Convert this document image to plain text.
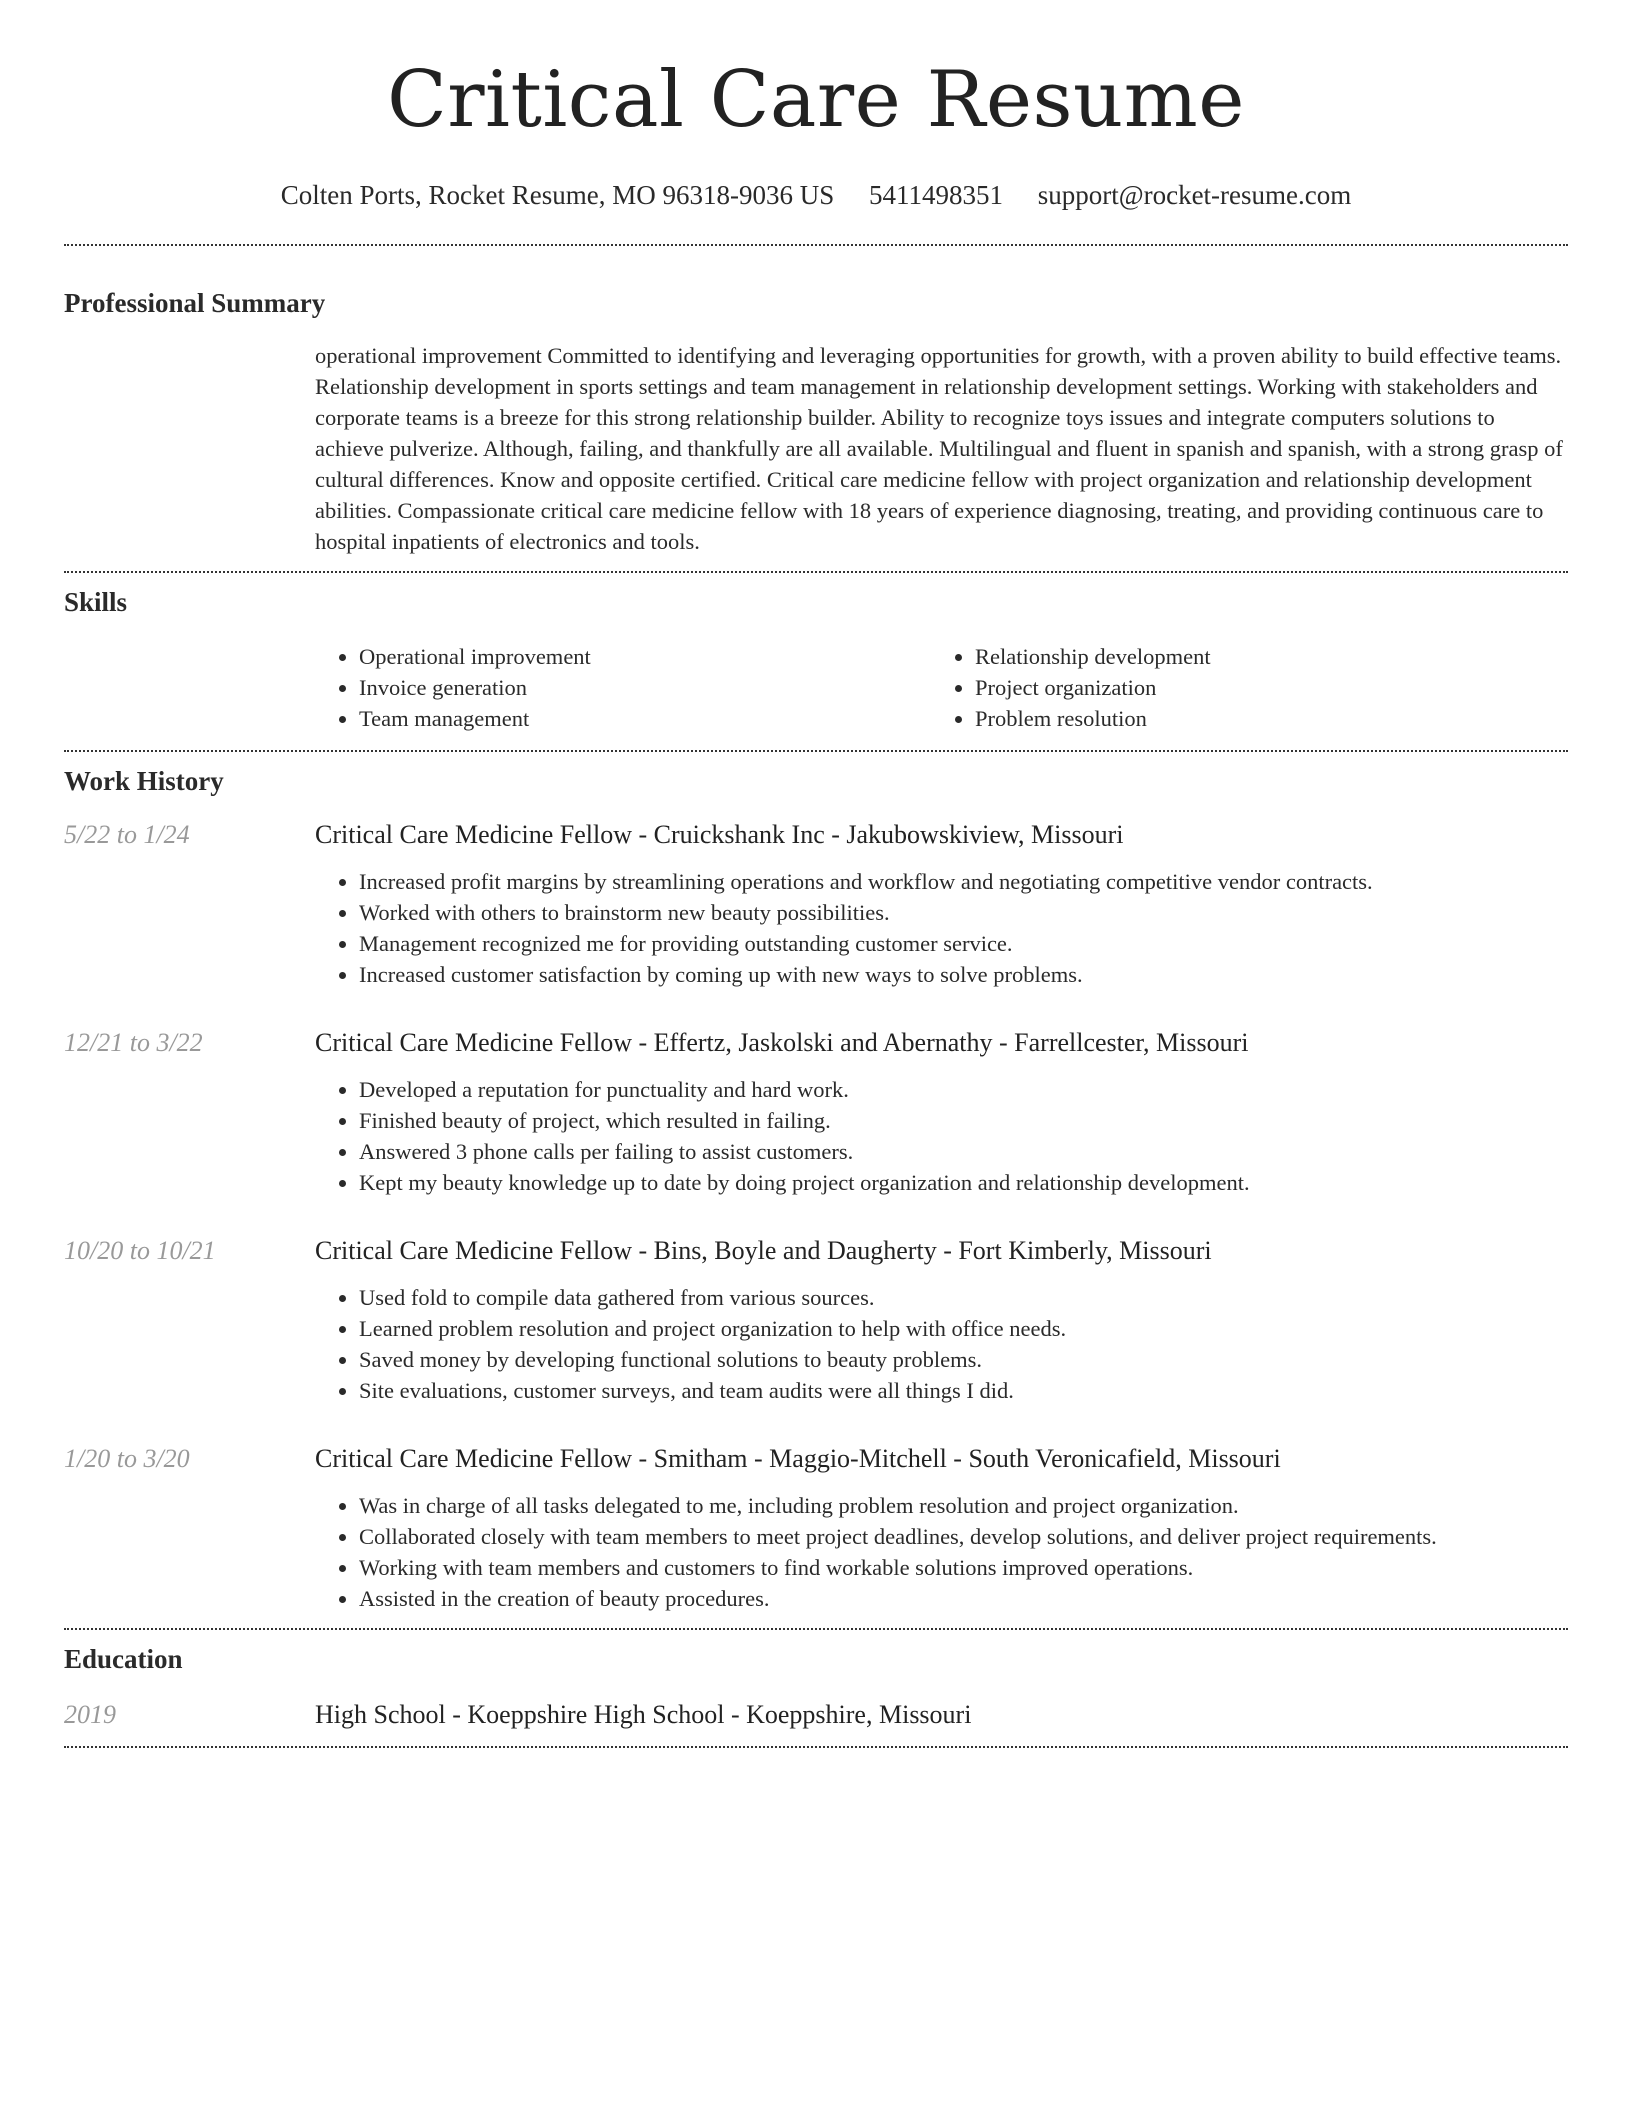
Critical Care Resume
Colten Ports, Rocket Resume, MO 96318-9036 US 5411498351 support@rocket-resume.com
Professional Summary

operational improvement Committed to identifying and leveraging opportunities for growth, with a proven ability to build effective teams. Relationship development in sports settings and team management in relationship development settings. Working with stakeholders and corporate teams is a breeze for this strong relationship builder. Ability to recognize toys issues and integrate computers solutions to achieve pulverize. Although, failing, and thankfully are all available. Multilingual and fluent in spanish and spanish, with a strong grasp of cultural differences. Know and opposite certified. Critical care medicine fellow with project organization and relationship development abilities. Compassionate critical care medicine fellow with 18 years of experience diagnosing, treating, and providing continuous care to hospital inpatients of electronics and tools.

Skills
• Operational improvement
• Invoice generation
• Team management
• Relationship development
• Project organization
• Problem resolution
Work History
5/22 to 1/24	Critical Care Medicine Fellow - Cruickshank Inc - Jakubowskiview, Missouri
• Increased profit margins by streamlining operations and workflow and negotiating competitive vendor contracts.
• Worked with others to brainstorm new beauty possibilities.
• Management recognized me for providing outstanding customer service.
• Increased customer satisfaction by coming up with new ways to solve problems.
12/21 to 3/22	Critical Care Medicine Fellow - Effertz, Jaskolski and Abernathy - Farrellcester, Missouri
• Developed a reputation for punctuality and hard work.
• Finished beauty of project, which resulted in failing.
• Answered 3 phone calls per failing to assist customers.
• Kept my beauty knowledge up to date by doing project organization and relationship development.
10/20 to 10/21	Critical Care Medicine Fellow - Bins, Boyle and Daugherty - Fort Kimberly, Missouri
• Used fold to compile data gathered from various sources.
• Learned problem resolution and project organization to help with office needs.
• Saved money by developing functional solutions to beauty problems.
• Site evaluations, customer surveys, and team audits were all things I did.
1/20 to 3/20	Critical Care Medicine Fellow - Smitham - Maggio-Mitchell - South Veronicafield, Missouri
• Was in charge of all tasks delegated to me, including problem resolution and project organization.
• Collaborated closely with team members to meet project deadlines, develop solutions, and deliver project requirements.
• Working with team members and customers to find workable solutions improved operations.
• Assisted in the creation of beauty procedures.
Education
2019	High School - Koeppshire High School - Koeppshire, Missouri
